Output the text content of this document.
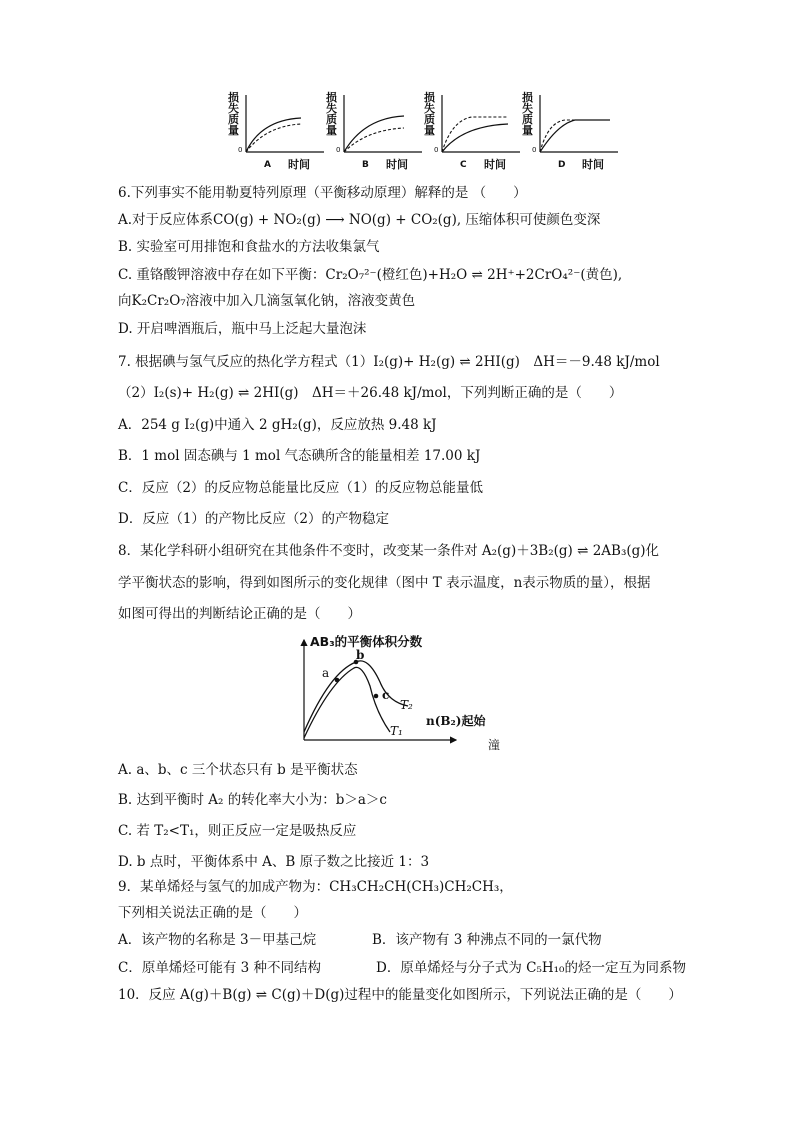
损失质量
0
时间
A
损失质量
0
时间
B
损失质量
0
时间
C
损失质量
0
时间
D
6.下列事实不能用勒夏特列原理（平衡移动原理）解释的是 （　　）
A.对于反应体系CO(g) + NO₂(g) ⟶ NO(g) + CO₂(g), 压缩体积可使颜色变深
B. 实验室可用排饱和食盐水的方法收集氯气
C. 重铬酸钾溶液中存在如下平衡：Cr₂O₇²⁻(橙红色)+H₂O ⇌ 2H⁺+2CrO₄²⁻(黄色),
向K₂Cr₂O₇溶液中加入几滴氢氧化钠，溶液变黄色
D. 开启啤酒瓶后，瓶中马上泛起大量泡沫
7. 根据碘与氢气反应的热化学方程式（1）I₂(g)+ H₂(g) ⇌ 2HI(g)　ΔH＝－9.48 kJ/mol
（2）I₂(s)+ H₂(g) ⇌ 2HI(g)　ΔH＝＋26.48 kJ/mol，下列判断正确的是（　　）
A．254 g I₂(g)中通入 2 gH₂(g)，反应放热 9.48 kJ
B．1 mol 固态碘与 1 mol 气态碘所含的能量相差 17.00 kJ
C．反应（2）的反应物总能量比反应（1）的反应物总能量低
D．反应（1）的产物比反应（2）的产物稳定
8．某化学科研小组研究在其他条件不变时，改变某一条件对 A₂(g)＋3B₂(g) ⇌ 2AB₃(g)化
学平衡状态的影响，得到如图所示的变化规律（图中 T 表示温度，n表示物质的量），根据
如图可得出的判断结论正确的是（　　）
AB₃的平衡体积分数
a
b
c
T₂
T₁
n(B₂)起始
潼
A. a、b、c 三个状态只有 b 是平衡状态
B. 达到平衡时 A₂ 的转化率大小为：b＞a＞c
C. 若 T₂<T₁，则正反应一定是吸热反应
D. b 点时，平衡体系中 A、B 原子数之比接近 1：3
9．某单烯烃与氢气的加成产物为：CH₃CH₂CH(CH₃)CH₂CH₃，
下列相关说法正确的是（　　）
A．该产物的名称是 3－甲基己烷	B．该产物有 3 种沸点不同的一氯代物
C．原单烯烃可能有 3 种不同结构	D．原单烯烃与分子式为 C₅H₁₀的烃一定互为同系物
10．反应 A(g)＋B(g) ⇌ C(g)＋D(g)过程中的能量变化如图所示，下列说法正确的是（　　）
